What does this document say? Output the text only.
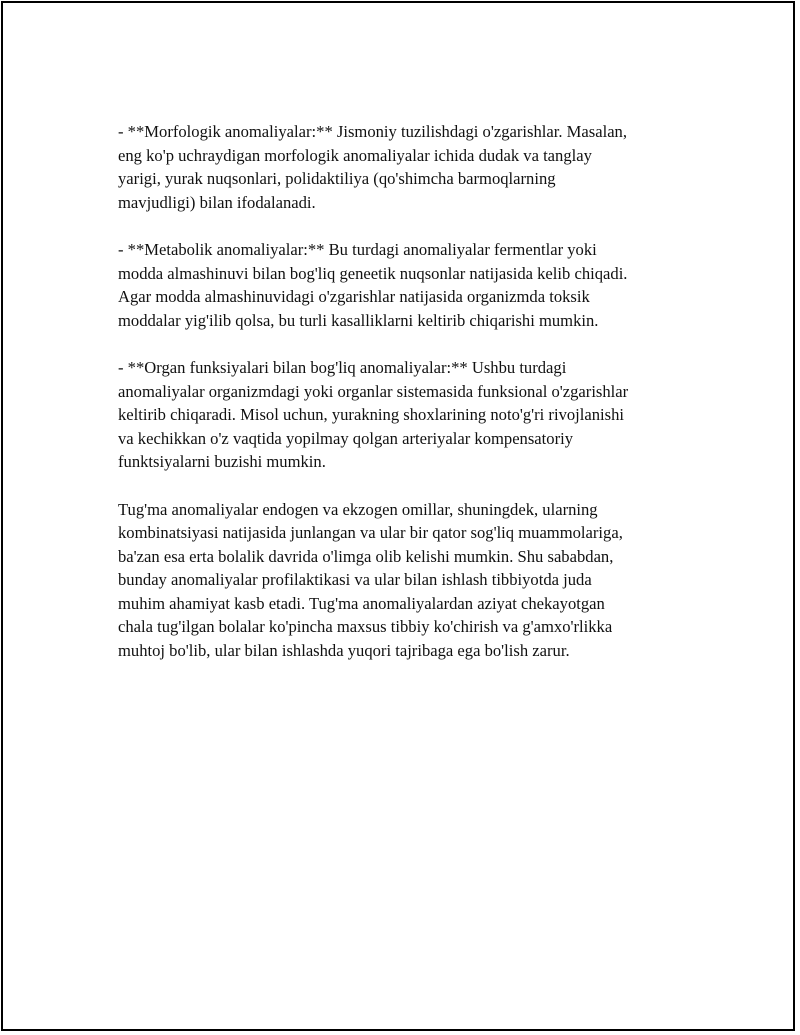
- **Morfologik anomaliyalar:** Jismoniy tuzilishdagi o'zgarishlar. Masalan,
eng ko'p uchraydigan morfologik anomaliyalar ichida dudak va tanglay
yarigi, yurak nuqsonlari, polidaktiliya (qo'shimcha barmoqlarning
mavjudligi) bilan ifodalanadi.

- **Metabolik anomaliyalar:** Bu turdagi anomaliyalar fermentlar yoki
modda almashinuvi bilan bog'liq geneetik nuqsonlar natijasida kelib chiqadi.
Agar modda almashinuvidagi o'zgarishlar natijasida organizmda toksik
moddalar yig'ilib qolsa, bu turli kasalliklarni keltirib chiqarishi mumkin.

- **Organ funksiyalari bilan bog'liq anomaliyalar:** Ushbu turdagi
anomaliyalar organizmdagi yoki organlar sistemasida funksional o'zgarishlar
keltirib chiqaradi. Misol uchun, yurakning shoxlarining noto'g'ri rivojlanishi
va kechikkan o'z vaqtida yopilmay qolgan arteriyalar kompensatoriy
funktsiyalarni buzishi mumkin.

Tug'ma anomaliyalar endogen va ekzogen omillar, shuningdek, ularning
kombinatsiyasi natijasida junlangan va ular bir qator sog'liq muammolariga,
ba'zan esa erta bolalik davrida o'limga olib kelishi mumkin. Shu sababdan,
bunday anomaliyalar profilaktikasi va ular bilan ishlash tibbiyotda juda
muhim ahamiyat kasb etadi. Tug'ma anomaliyalardan aziyat chekayotgan
chala tug'ilgan bolalar ko'pincha maxsus tibbiy ko'chirish va g'amxo'rlikka
muhtoj bo'lib, ular bilan ishlashda yuqori tajribaga ega bo'lish zarur.
